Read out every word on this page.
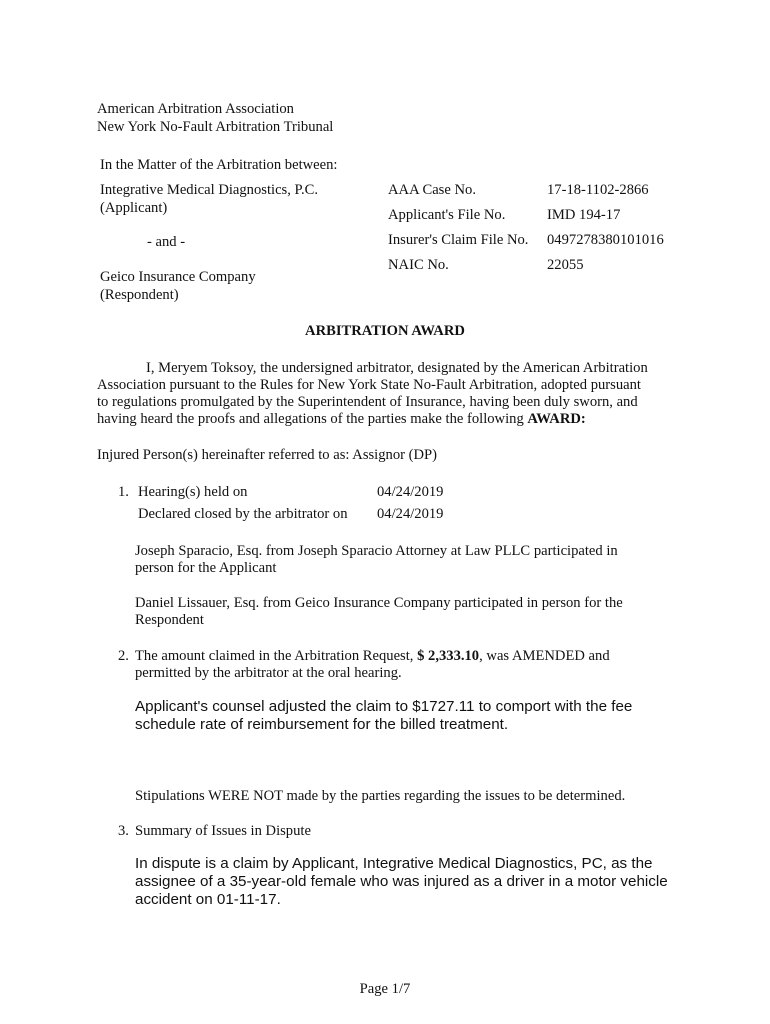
American Arbitration Association
New York No-Fault Arbitration Tribunal
In the Matter of the Arbitration between:
Integrative Medical Diagnostics, P.C.
(Applicant)
- and -
Geico Insurance Company
(Respondent)
AAA Case No.	17-18-1102-2866
Applicant's File No.	IMD 194-17
Insurer's Claim File No. 0497278380101016
NAIC No.	22055
ARBITRATION AWARD
I, Meryem Toksoy, the undersigned arbitrator, designated by the American Arbitration
Association pursuant to the Rules for New York State No-Fault Arbitration, adopted pursuant
to regulations promulgated by the Superintendent of Insurance, having been duly sworn, and
having heard the proofs and allegations of the parties make the following AWARD:
Injured Person(s) hereinafter referred to as: Assignor (DP)
1. Hearing(s) held on	04/24/2019
Declared closed by the arbitrator on 04/24/2019
Joseph Sparacio, Esq. from Joseph Sparacio Attorney at Law PLLC participated in
person for the Applicant
Daniel Lissauer, Esq. from Geico Insurance Company participated in person for the
Respondent
2. The amount claimed in the Arbitration Request, $ 2,333.10, was AMENDED and
permitted by the arbitrator at the oral hearing.
Applicant's counsel adjusted the claim to $1727.11 to comport with the fee
schedule rate of reimbursement for the billed treatment.
Stipulations WERE NOT made by the parties regarding the issues to be determined.
3. Summary of Issues in Dispute
In dispute is a claim by Applicant, Integrative Medical Diagnostics, PC, as the
assignee of a 35-year-old female who was injured as a driver in a motor vehicle
accident on 01-11-17.
Page 1/7
